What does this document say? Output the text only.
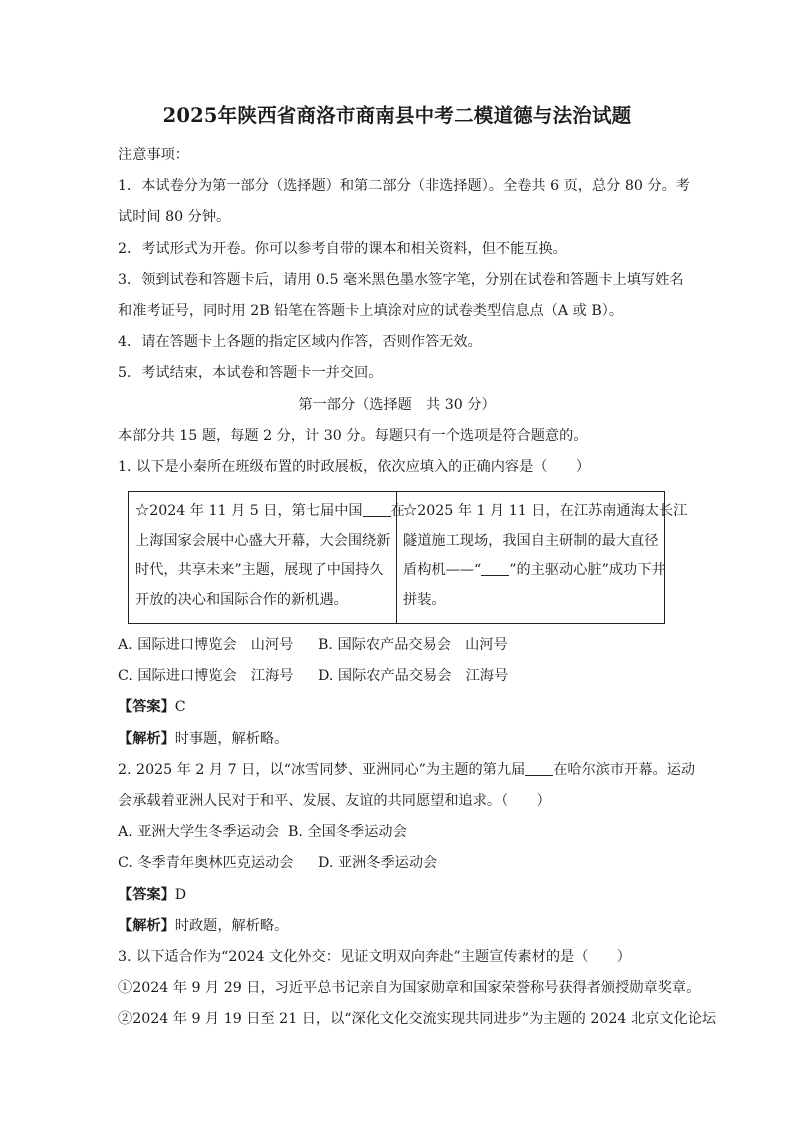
2025年陕西省商洛市商南县中考二模道德与法治试题
注意事项：
1．本试卷分为第一部分（选择题）和第二部分（非选择题）。全卷共 6 页，总分 80 分。考
试时间 80 分钟。
2．考试形式为开卷。你可以参考自带的课本和相关资料，但不能互换。
3．领到试卷和答题卡后，请用 0.5 毫米黑色墨水签字笔，分别在试卷和答题卡上填写姓名
和准考证号，同时用 2B 铅笔在答题卡上填涂对应的试卷类型信息点（A 或 B）。
4．请在答题卡上各题的指定区域内作答，否则作答无效。
5．考试结束，本试卷和答题卡一并交回。
第一部分（选择题　共 30 分）
本部分共 15 题，每题 2 分，计 30 分。每题只有一个选项是符合题意的。
1. 以下是小秦所在班级布置的时政展板，依次应填入的正确内容是（　　）
☆2024 年 11 月 5 日，第七届中国 在
上海国家会展中心盛大开幕，大会围绕新
时代，共享未来”主题，展现了中国持久
开放的决心和国际合作的新机遇。

☆2025 年 1 月 11 日，在江苏南通海太长江
隧道施工现场，我国自主研制的最大直径
盾构机——“ ”的主驱动心脏”成功下井
拼装。
A. 国际进口博览会　山河号 B. 国际农产品交易会　山河号
C. 国际进口博览会　江海号 D. 国际农产品交易会　江海号
【答案】C
【解析】时事题，解析略。
2. 2025 年 2 月 7 日，以“冰雪同梦、亚洲同心”为主题的第九届 在哈尔滨市开幕。运动
会承载着亚洲人民对于和平、发展、友谊的共同愿望和追求。（　　）
A. 亚洲大学生冬季运动会 B. 全国冬季运动会
C. 冬季青年奥林匹克运动会 D. 亚洲冬季运动会
【答案】D
【解析】时政题，解析略。
3. 以下适合作为“2024 文化外交：见证文明双向奔赴”主题宣传素材的是（　　）
①2024 年 9 月 29 日，习近平总书记亲自为国家勋章和国家荣誉称号获得者颁授勋章奖章。
②2024 年 9 月 19 日至 21 日，以“深化文化交流实现共同进步”为主题的 2024 北京文化论坛
